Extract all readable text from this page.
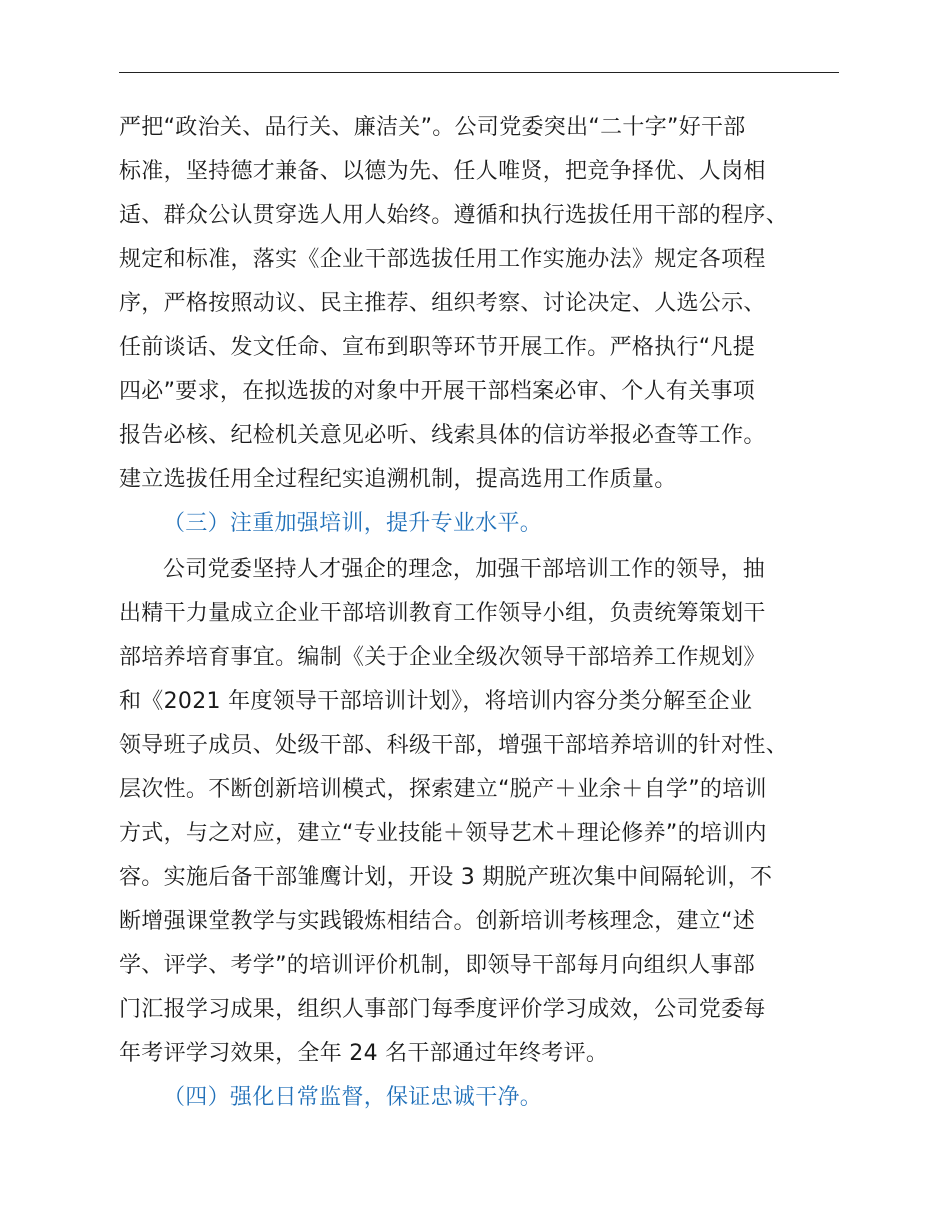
严把“政治关、品行关、廉洁关”。公司党委突出“二十字”好干部
标准，坚持德才兼备、以德为先、任人唯贤，把竞争择优、人岗相
适、群众公认贯穿选人用人始终。遵循和执行选拔任用干部的程序、
规定和标准，落实《企业干部选拔任用工作实施办法》规定各项程
序，严格按照动议、民主推荐、组织考察、讨论决定、人选公示、
任前谈话、发文任命、宣布到职等环节开展工作。严格执行“凡提
四必”要求，在拟选拔的对象中开展干部档案必审、个人有关事项
报告必核、纪检机关意见必听、线索具体的信访举报必查等工作。
建立选拔任用全过程纪实追溯机制，提高选用工作质量。
（三）注重加强培训，提升专业水平。
公司党委坚持人才强企的理念，加强干部培训工作的领导，抽
出精干力量成立企业干部培训教育工作领导小组，负责统筹策划干
部培养培育事宜。编制《关于企业全级次领导干部培养工作规划》
和《2021 年度领导干部培训计划》，将培训内容分类分解至企业
领导班子成员、处级干部、科级干部，增强干部培养培训的针对性、
层次性。不断创新培训模式，探索建立“脱产＋业余＋自学”的培训
方式，与之对应，建立“专业技能＋领导艺术＋理论修养”的培训内
容。实施后备干部雏鹰计划，开设 3 期脱产班次集中间隔轮训，不
断增强课堂教学与实践锻炼相结合。创新培训考核理念，建立“述
学、评学、考学”的培训评价机制，即领导干部每月向组织人事部
门汇报学习成果，组织人事部门每季度评价学习成效，公司党委每
年考评学习效果，全年 24 名干部通过年终考评。
（四）强化日常监督，保证忠诚干净。
